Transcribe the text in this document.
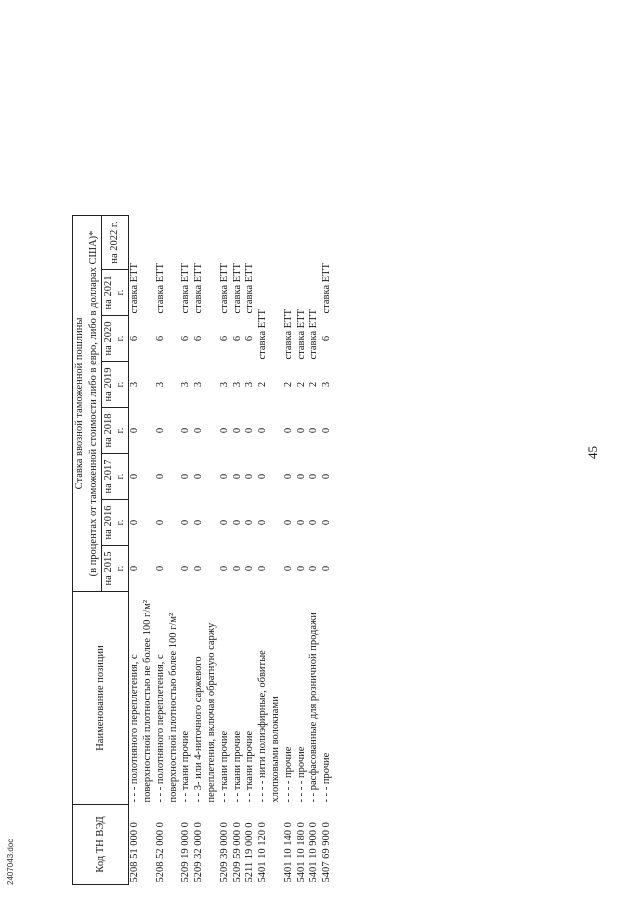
45
Код ТН ВЭД	Наименование позиции	Ставка ввозной таможенной пошлины								
		(в процентах от таможенной стоимости либо в евро, либо в долларах США)*								
		на 2015 г.	на 2016 г.	на 2017 г.	на 2018 г.	на 2019 г.	на 2020 г.	на 2021 г.	на 2022 г.	
5208 51 000 0	- - - полотняного переплетения, с поверхностной плотностью не более 100 г/м²	0	0	0	0	3	6	ставка ЕТТ		
5208 52 000 0	- - - полотняного переплетения, с поверхностной плотностью более 100 г/м²	0	0	0	0	3	6	ставка ЕТТ		
5209 19 000 0	- - ткани прочие	0	0	0	0	3	6	ставка ЕТТ		
5209 32 000 0	- - 3- или 4-ниточного саржевого переплетения, включая обратную саржу	0	0	0	0	3	6	ставка ЕТТ		
5209 39 000 0	- - ткани прочие	0	0	0	0	3	6	ставка ЕТТ		
5209 59 000 0	- - ткани прочие	0	0	0	0	3	6	ставка ЕТТ		
5211 19 000 0	- - ткани прочие	0	0	0	0	3	6	ставка ЕТТ		
5401 10 120 0	- - - - нити полиэфирные, обвитые хлопковыми волокнами	0	0	0	0	2	ставка ЕТТ			
5401 10 140 0	- - - - прочие	0	0	0	0	2	ставка ЕТТ			
5401 10 180 0	- - - - прочие	0	0	0	0	2	ставка ЕТТ			
5401 10 900 0	- - расфасованные для розничной продажи	0	0	0	0	2	ставка ЕТТ			
5407 69 900 0	- - - прочие	0	0	0	0	3	6	ставка ЕТТ		
2407043.doc
